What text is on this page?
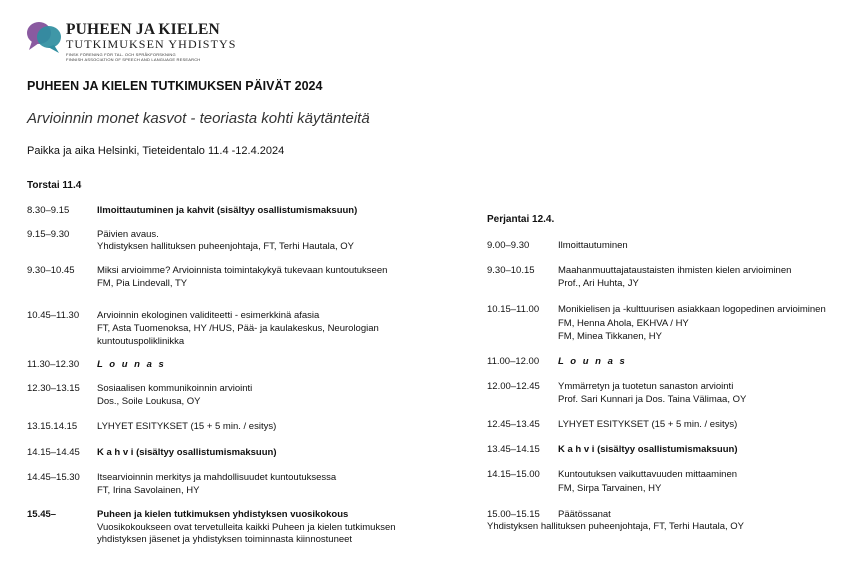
PUHEEN JA KIELEN
TUTKIMUKSEN YHDISTYS
FINSK FÖRENING FÖR TAL- OCH SPRÅKFORSKNING
FINNISH ASSOCIATION OF SPEECH AND LANGUAGE RESEARCH
PUHEEN JA KIELEN TUTKIMUKSEN PÄIVÄT 2024
Arvioinnin monet kasvot - teoriasta kohti käytänteitä
Paikka ja aika Helsinki, Tieteidentalo 11.4 -12.4.2024
Torstai 11.4
8.30–9.15	Ilmoittautuminen ja kahvit (sisältyy osallistumismaksuun)
9.15–9.30	Päivien avaus.
Yhdistyksen hallituksen puheenjohtaja, FT, Terhi Hautala, OY
9.30–10.45 Miksi arvioimme? Arvioinnista toimintakykyä tukevaan kuntoutukseen
FM, Pia Lindevall, TY
10.45–11.30 Arvioinnin ekologinen validiteetti - esimerkkinä afasia
FT, Asta Tuomenoksa, HY /HUS, Pää- ja kaulakeskus, Neurologian
kuntoutuspoliklinikka
11.30–12.30 L o u n a s
12.30–13.15 Sosiaalisen kommunikoinnin arviointi
Dos., Soile Loukusa, OY
13.15.14.15 LYHYET ESITYKSET (15 + 5 min. / esitys)
14.15–14.45 K a h v i (sisältyy osallistumismaksuun)
14.45–15.30 Itsearvioinnin merkitys ja mahdollisuudet kuntoutuksessa
FT, Irina Savolainen, HY
15.45–	Puheen ja kielen tutkimuksen yhdistyksen vuosikokous
Vuosikokoukseen ovat tervetulleita kaikki Puheen ja kielen tutkimuksen
yhdistyksen jäsenet ja yhdistyksen toiminnasta kiinnostuneet
Perjantai 12.4.
9.00–9.30	Ilmoittautuminen
9.30–10.15 Maahanmuuttajataustaisten ihmisten kielen arvioiminen
Prof., Ari Huhta, JY
10.15–11.00 Monikielisen ja -kulttuurisen asiakkaan logopedinen arvioiminen
FM, Henna Ahola, EKHVA / HY
FM, Minea Tikkanen, HY
11.00–12.00 L o u n a s
12.00–12.45 Ymmärretyn ja tuotetun sanaston arviointi
Prof. Sari Kunnari ja Dos. Taina Välimaa, OY
12.45–13.45 LYHYET ESITYKSET (15 + 5 min. / esitys)
13.45–14.15 K a h v i (sisältyy osallistumismaksuun)
14.15–15.00 Kuntoutuksen vaikuttavuuden mittaaminen
FM, Sirpa Tarvainen, HY
15.00–15.15 Päätössanat
Yhdistyksen hallituksen puheenjohtaja, FT, Terhi Hautala, OY
